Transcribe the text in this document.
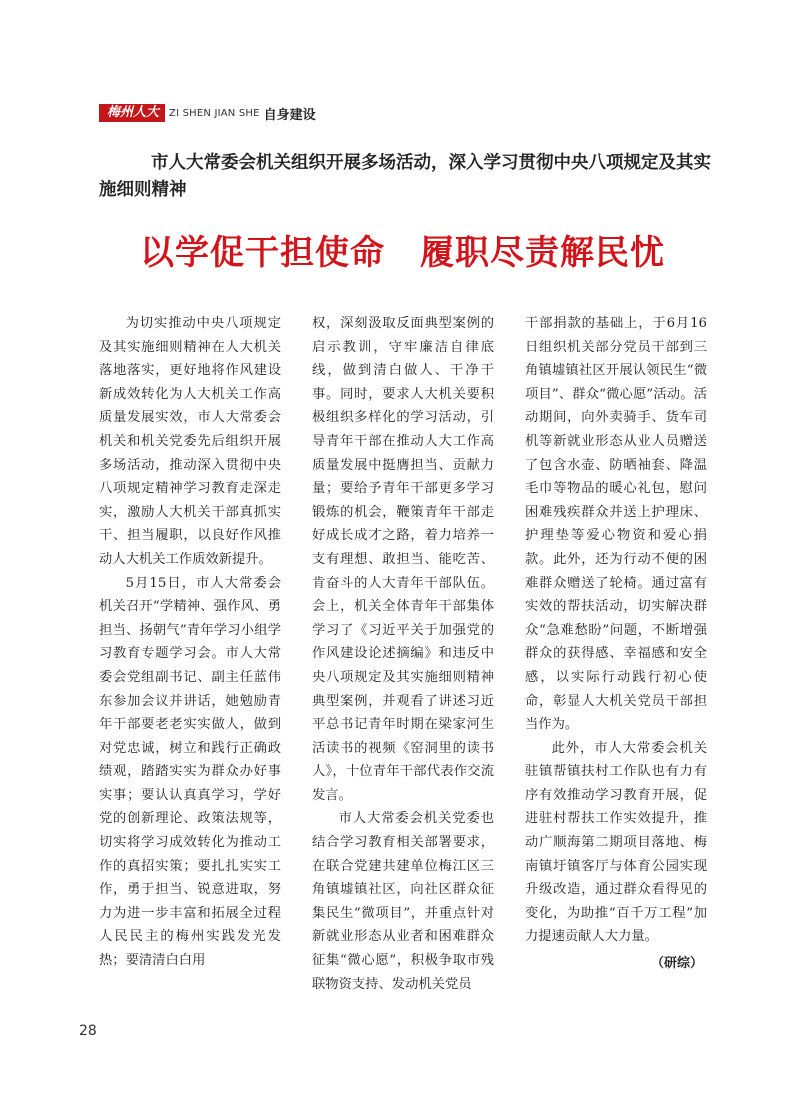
梅州人大	ZI SHEN JIAN SHE 自身建设
市人大常委会机关组织开展多场活动，深入学习贯彻中央八项规定及其实施细则精神
以学促干担使命　履职尽责解民忧

为切实推动中央八项规定及其实施细则精神在人大机关落地落实，更好地将作风建设新成效转化为人大机关工作高质量发展实效，市人大常委会机关和机关党委先后组织开展多场活动，推动深入贯彻中央八项规定精神学习教育走深走实，激励人大机关干部真抓实干、担当履职，以良好作风推动人大机关工作质效新提升。

5月15日，市人大常委会机关召开“学精神、强作风、勇担当、扬朝气”青年学习小组学习教育专题学习会。市人大常委会党组副书记、副主任蓝伟东参加会议并讲话，她勉励青年干部要老老实实做人，做到对党忠诚，树立和践行正确政绩观，踏踏实实为群众办好事实事；要认认真真学习，学好党的创新理论、政策法规等，切实将学习成效转化为推动工作的真招实策；要扎扎实实工作，勇于担当、锐意进取，努力为进一步丰富和拓展全过程人民民主的梅州实践发光发热；要清清白白用

权，深刻汲取反面典型案例的启示教训，守牢廉洁自律底线，做到清白做人、干净干事。同时，要求人大机关要积极组织多样化的学习活动，引导青年干部在推动人大工作高质量发展中挺膺担当、贡献力量；要给予青年干部更多学习锻炼的机会，鞭策青年干部走好成长成才之路，着力培养一支有理想、敢担当、能吃苦、肯奋斗的人大青年干部队伍。会上，机关全体青年干部集体学习了《习近平关于加强党的作风建设论述摘编》和违反中央八项规定及其实施细则精神典型案例，并观看了讲述习近平总书记青年时期在梁家河生活读书的视频《窑洞里的读书人》，十位青年干部代表作交流发言。

市人大常委会机关党委也结合学习教育相关部署要求，在联合党建共建单位梅江区三角镇墟镇社区，向社区群众征集民生“微项目”，并重点针对新就业形态从业者和困难群众征集“微心愿”，积极争取市残联物资支持、发动机关党员

干部捐款的基础上，于6月16日组织机关部分党员干部到三角镇墟镇社区开展认领民生“微项目”、群众“微心愿”活动。活动期间，向外卖骑手、货车司机等新就业形态从业人员赠送了包含水壶、防晒袖套、降温毛巾等物品的暖心礼包，慰问困难残疾群众并送上护理床、护理垫等爱心物资和爱心捐款。此外，还为行动不便的困难群众赠送了轮椅。通过富有实效的帮扶活动，切实解决群众“急难愁盼”问题，不断增强群众的获得感、幸福感和安全感，以实际行动践行初心使命，彰显人大机关党员干部担当作为。

此外，市人大常委会机关驻镇帮镇扶村工作队也有力有序有效推动学习教育开展，促进驻村帮扶工作实效提升，推动广顺海第二期项目落地、梅南镇圩镇客厅与体育公园实现升级改造，通过群众看得见的变化，为助推“百千万工程”加力提速贡献人大力量。

（研综）
28
